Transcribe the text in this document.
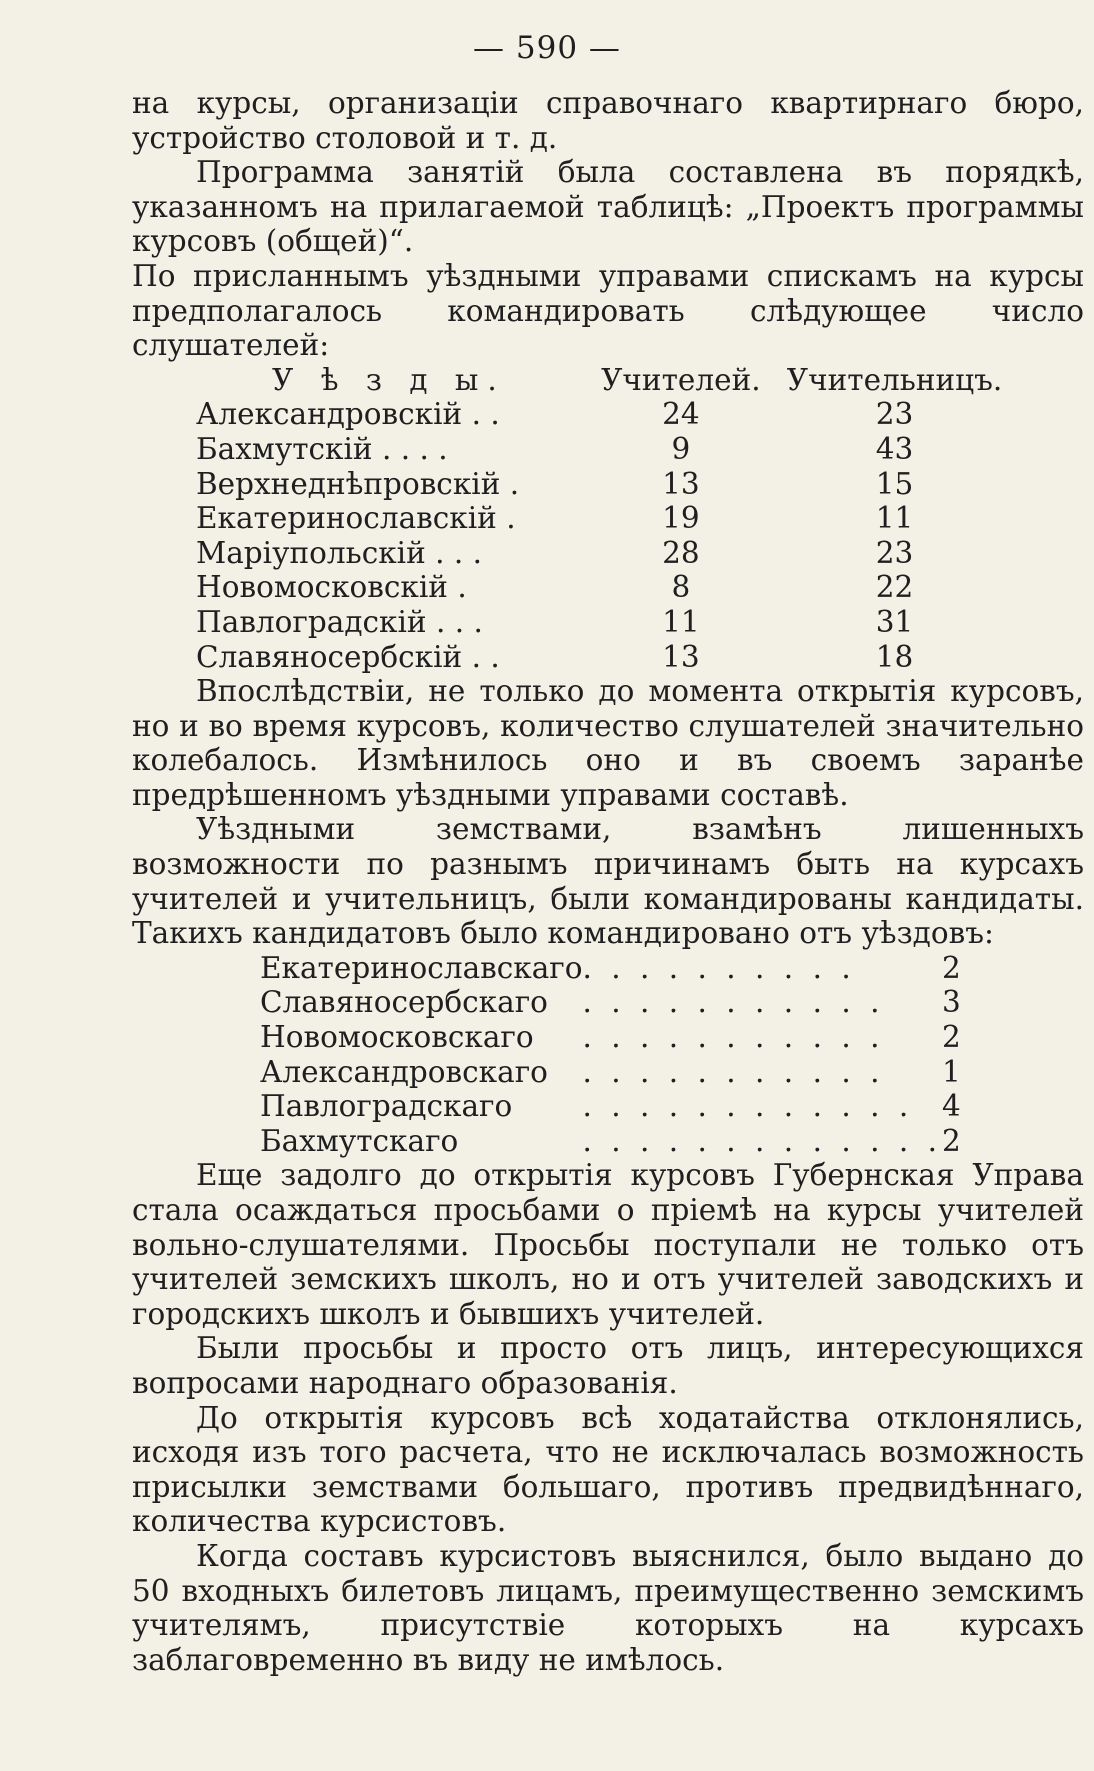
— 590 —

на курсы, организацiи справочнагo квартирнагo бюро, устройство столовой и т. д.

Программа занятiй была составлена въ порядкѣ, указанномъ на прилагаемой таблицѣ: „Проектъ программы курсовъ (общей)“.

По присланнымъ уѣздными управами спискамъ на курсы предполагалось командировать слѣдующее число слушателей:

У ѣ з д ы.	Учителей.	Учительницъ.
Александровскiй . .	24	23
Бахмутскiй . . . .	9	43
Верхнеднѣпровскiй .	13	15
Екатеринославскiй .	19	11
Марiупольскiй . . .	28	23
Новомосковскiй .	8	22
Павлоградскiй . . .	11	31
Славяносербскiй . .	13	18

Впослѣдствiи, не только до момента открытiя курсовъ, но и во время курсовъ, количество слушателей значительно колебалось. Измѣнилось оно и въ своемъ заранѣе предрѣшенномъ уѣздными управами составѣ.

Уѣздными земствами, взамѣнъ лишенныхъ возможности по разнымъ причинамъ быть на курсахъ учителей и учительницъ, были командированы кандидаты. Такихъ кандидатовъ было командировано отъ уѣздовъ:

Екатеринославскаго	. . . . . . . . . .	2
Славяносербскаго	. . . . . . . . . . .	3
Новомосковскаго	. . . . . . . . . . .	2
Александровскаго	. . . . . . . . . . .	1
Павлоградскаго	. . . . . . . . . . . .	4
Бахмутскаго	. . . . . . . . . . . . .	2

Еще задолго до открытiя курсовъ Губернская Управа стала осаждаться просьбами о прiемѣ на курсы учителей вольно-слушателями. Просьбы поступали не только отъ учителей земскихъ школъ, но и отъ учителей заводскихъ и городскихъ школъ и бывшихъ учителей.

Были просьбы и просто отъ лицъ, интересующихся вопросами народнаго образованiя.

До открытiя курсовъ всѣ ходатайства отклонялись, исходя изъ того расчета, что не исключалась возможность присылки земствами большаго, противъ предвидѣннаго, количества курсистовъ.

Когда составъ курсистовъ выяснился, было выдано до 50 входныхъ билетовъ лицамъ, преимущественно земскимъ учителямъ, присутствiе которыхъ на курсахъ заблаговременно въ виду не имѣлось.
